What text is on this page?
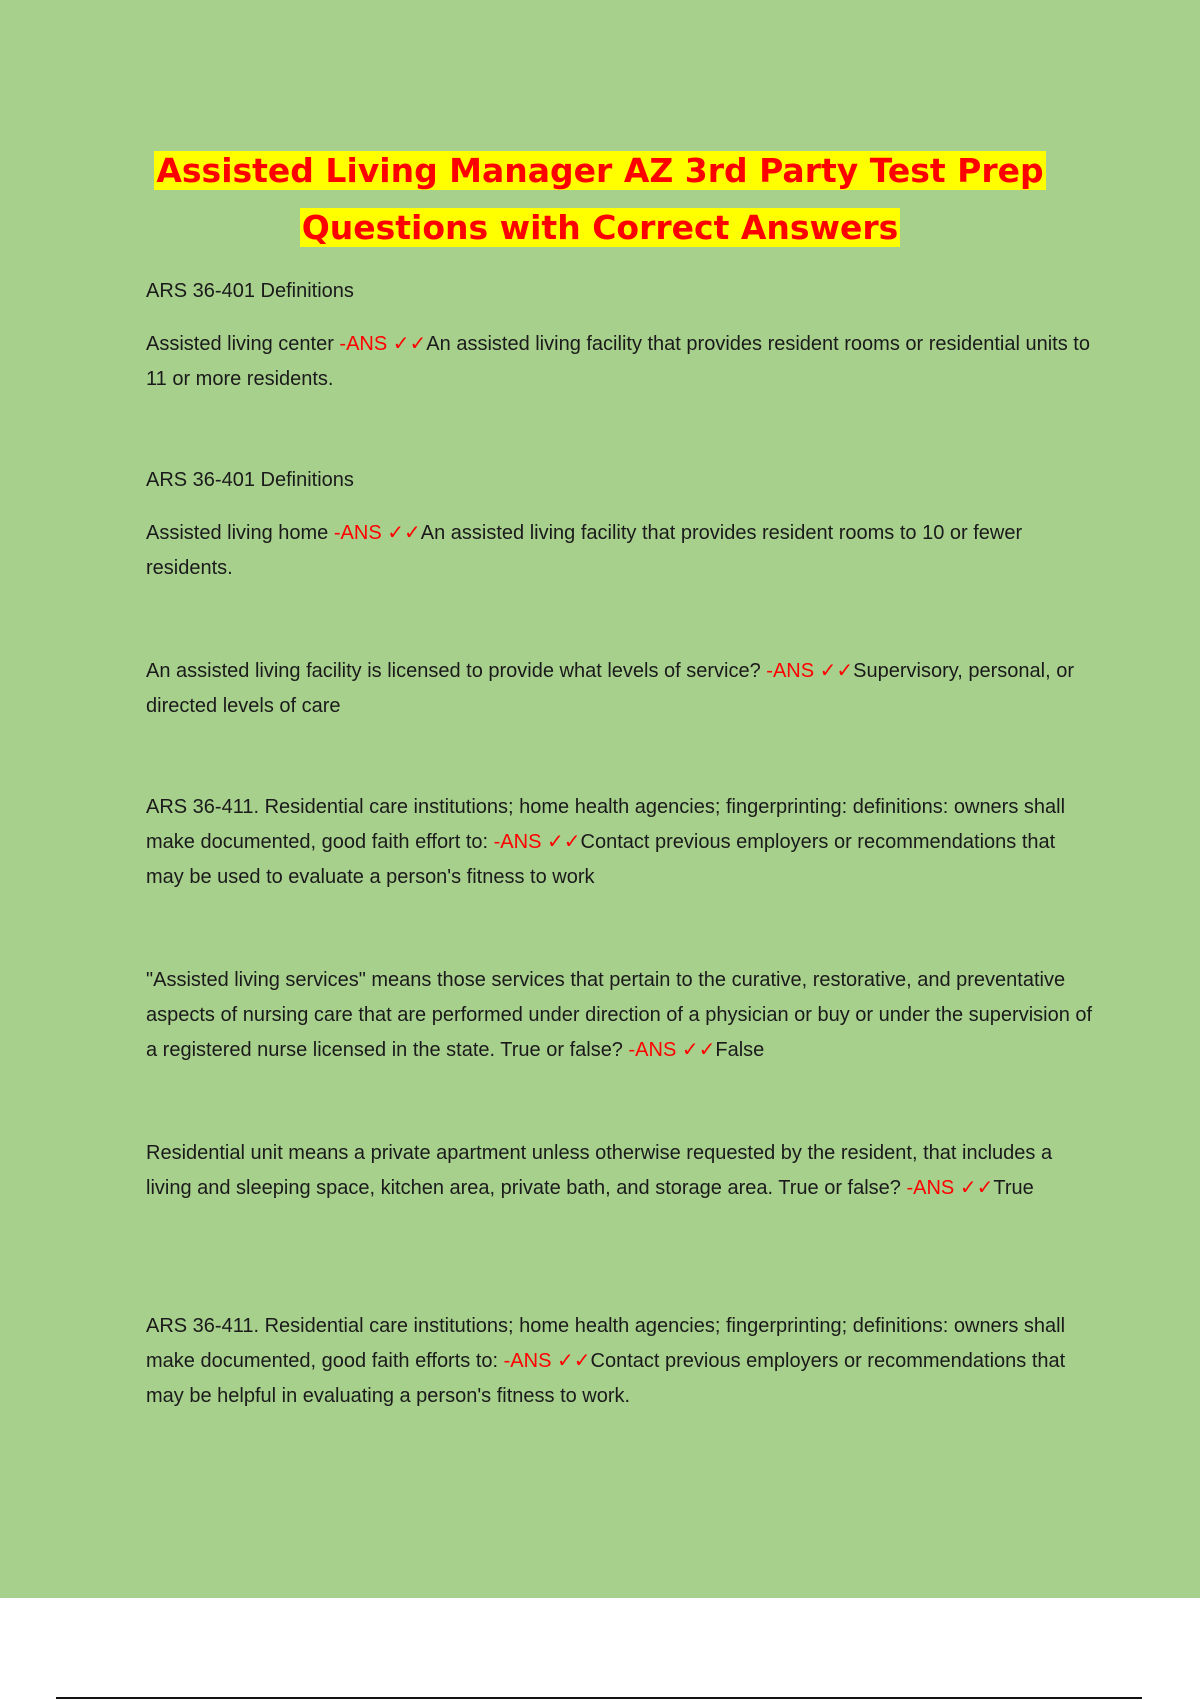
Assisted Living Manager AZ 3rd Party Test Prep
Questions with Correct Answers

ARS 36-401 Definitions

Assisted living center -ANS ✓✓An assisted living facility that provides resident rooms or residential units to 11 or more residents.

ARS 36-401 Definitions

Assisted living home -ANS ✓✓An assisted living facility that provides resident rooms to 10 or fewer residents.

An assisted living facility is licensed to provide what levels of service? -ANS ✓✓Supervisory, personal, or directed levels of care

ARS 36-411. Residential care institutions; home health agencies; fingerprinting: definitions: owners shall make documented, good faith effort to: -ANS ✓✓Contact previous employers or recommendations that may be used to evaluate a person's fitness to work

"Assisted living services" means those services that pertain to the curative, restorative, and preventative aspects of nursing care that are performed under direction of a physician or buy or under the supervision of a registered nurse licensed in the state. True or false? -ANS ✓✓False

Residential unit means a private apartment unless otherwise requested by the resident, that includes a living and sleeping space, kitchen area, private bath, and storage area. True or false? -ANS ✓✓True

ARS 36-411. Residential care institutions; home health agencies; fingerprinting; definitions: owners shall make documented, good faith efforts to: -ANS ✓✓Contact previous employers or recommendations that may be helpful in evaluating a person's fitness to work.
